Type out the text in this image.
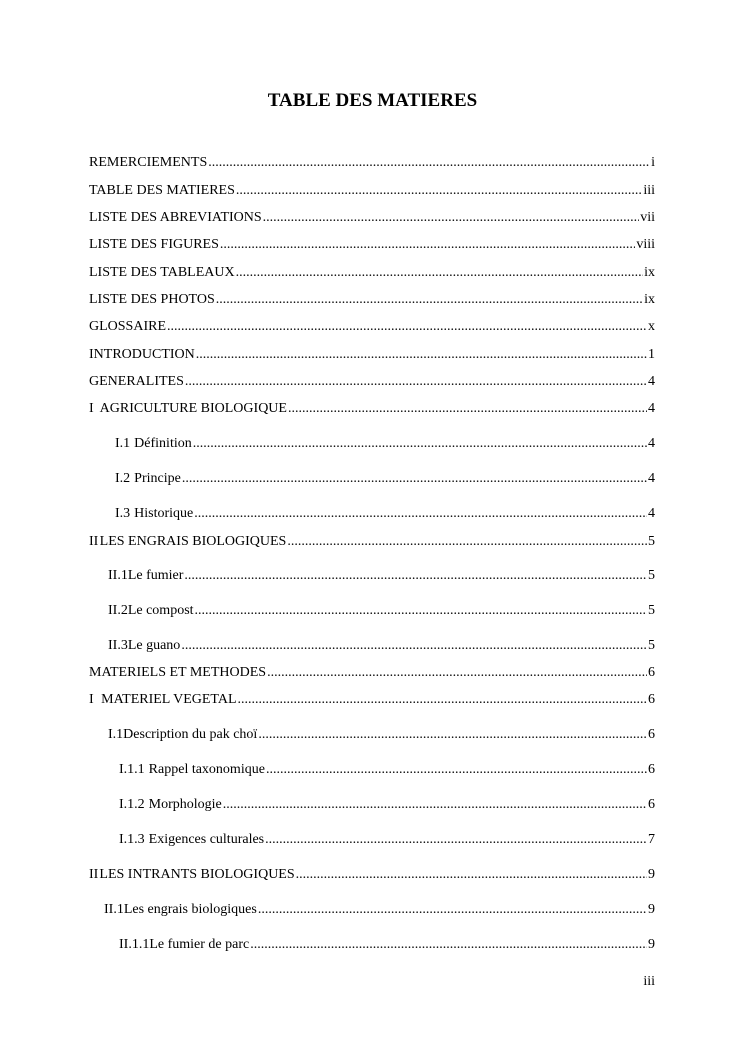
TABLE DES MATIERES
REMERCIEMENTS .....	i
TABLE DES MATIERES .....	iii
LISTE DES ABREVIATIONS .....	vii
LISTE DES FIGURES .....	viii
LISTE DES TABLEAUX .....	ix
LISTE DES PHOTOS .....	ix
GLOSSAIRE .....	x
INTRODUCTION .....	1
GENERALITES .....	4
I AGRICULTURE BIOLOGIQUE .....	4
I.1 Définition .....	4
I.2 Principe .....	4
I.3 Historique .....	4
II LES ENGRAIS BIOLOGIQUES .....	5
II.1 Le fumier .....	5
II.2 Le compost .....	5
II.3 Le guano .....	5
MATERIELS ET METHODES .....	6
I MATERIEL VEGETAL .....	6
I.1 Description du pak choï .....	6
I.1.1 Rappel taxonomique .....	6
I.1.2 Morphologie .....	6
I.1.3 Exigences culturales .....	7
II LES INTRANTS BIOLOGIQUES .....	9
II.1 Les engrais biologiques .....	9
II.1.1 Le fumier de parc .....	9
iii
